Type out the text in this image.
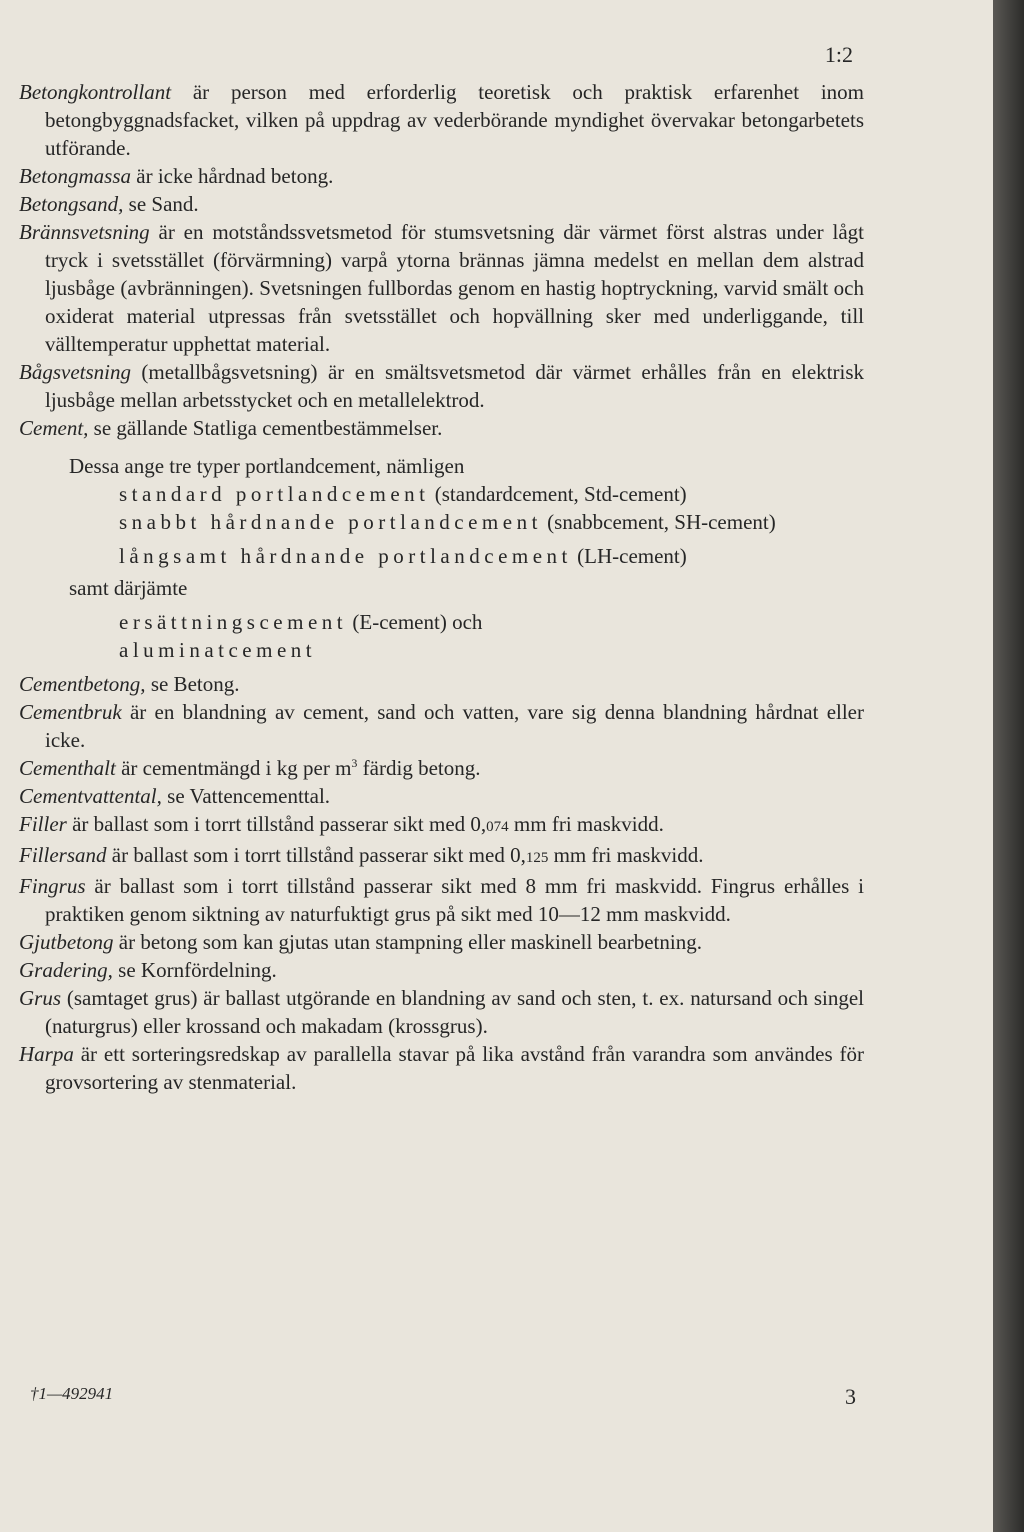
1:2

Betongkontrollant är person med erforderlig teoretisk och praktisk erfarenhet inom betongbyggnadsfacket, vilken på uppdrag av vederbörande myndighet övervakar betongarbetets utförande.

Betongmassa är icke hårdnad betong.

Betongsand, se Sand.

Brännsvetsning är en motståndssvetsmetod för stumsvetsning där värmet först alstras under lågt tryck i svetsstället (förvärmning) varpå ytorna brännas jämna medelst en mellan dem alstrad ljusbåge (avbränningen). Svetsningen fullbordas genom en hastig hoptryckning, varvid smält och oxiderat material utpressas från svetsstället och hopvällning sker med underliggande, till välltemperatur upphettat material.

Bågsvetsning (metallbågsvetsning) är en smältsvetsmetod där värmet erhålles från en elektrisk ljusbåge mellan arbetsstycket och en metallelektrod.

Cement, se gällande Statliga cementbestämmelser.

Dessa ange tre typer portlandcement, nämligen

standard portlandcement (standardcement, Std-cement)

snabbt hårdnande portlandcement (snabbcement, SH-cement)

långsamt hårdnande portlandcement (LH-cement)

samt därjämte

ersättningscement (E-cement) och

aluminatcement

Cementbetong, se Betong.

Cementbruk är en blandning av cement, sand och vatten, vare sig denna blandning hårdnat eller icke.

Cementhalt är cementmängd i kg per $m^3$ färdig betong.

Cementvattental, se Vattencementtal.

Filler är ballast som i torrt tillstånd passerar sikt med 0,074 mm fri maskvidd.

Fillersand är ballast som i torrt tillstånd passerar sikt med 0,125 mm fri maskvidd.

Fingrus är ballast som i torrt tillstånd passerar sikt med 8 mm fri maskvidd. Fingrus erhålles i praktiken genom siktning av naturfuktigt grus på sikt med 10—12 mm maskvidd.

Gjutbetong är betong som kan gjutas utan stampning eller maskinell bearbetning.

Gradering, se Kornfördelning.

Grus (samtaget grus) är ballast utgörande en blandning av sand och sten, t. ex. natursand och singel (naturgrus) eller krossand och makadam (krossgrus).

Harpa är ett sorteringsredskap av parallella stavar på lika avstånd från varandra som användes för grovsortering av stenmaterial.

†1—492941	3
